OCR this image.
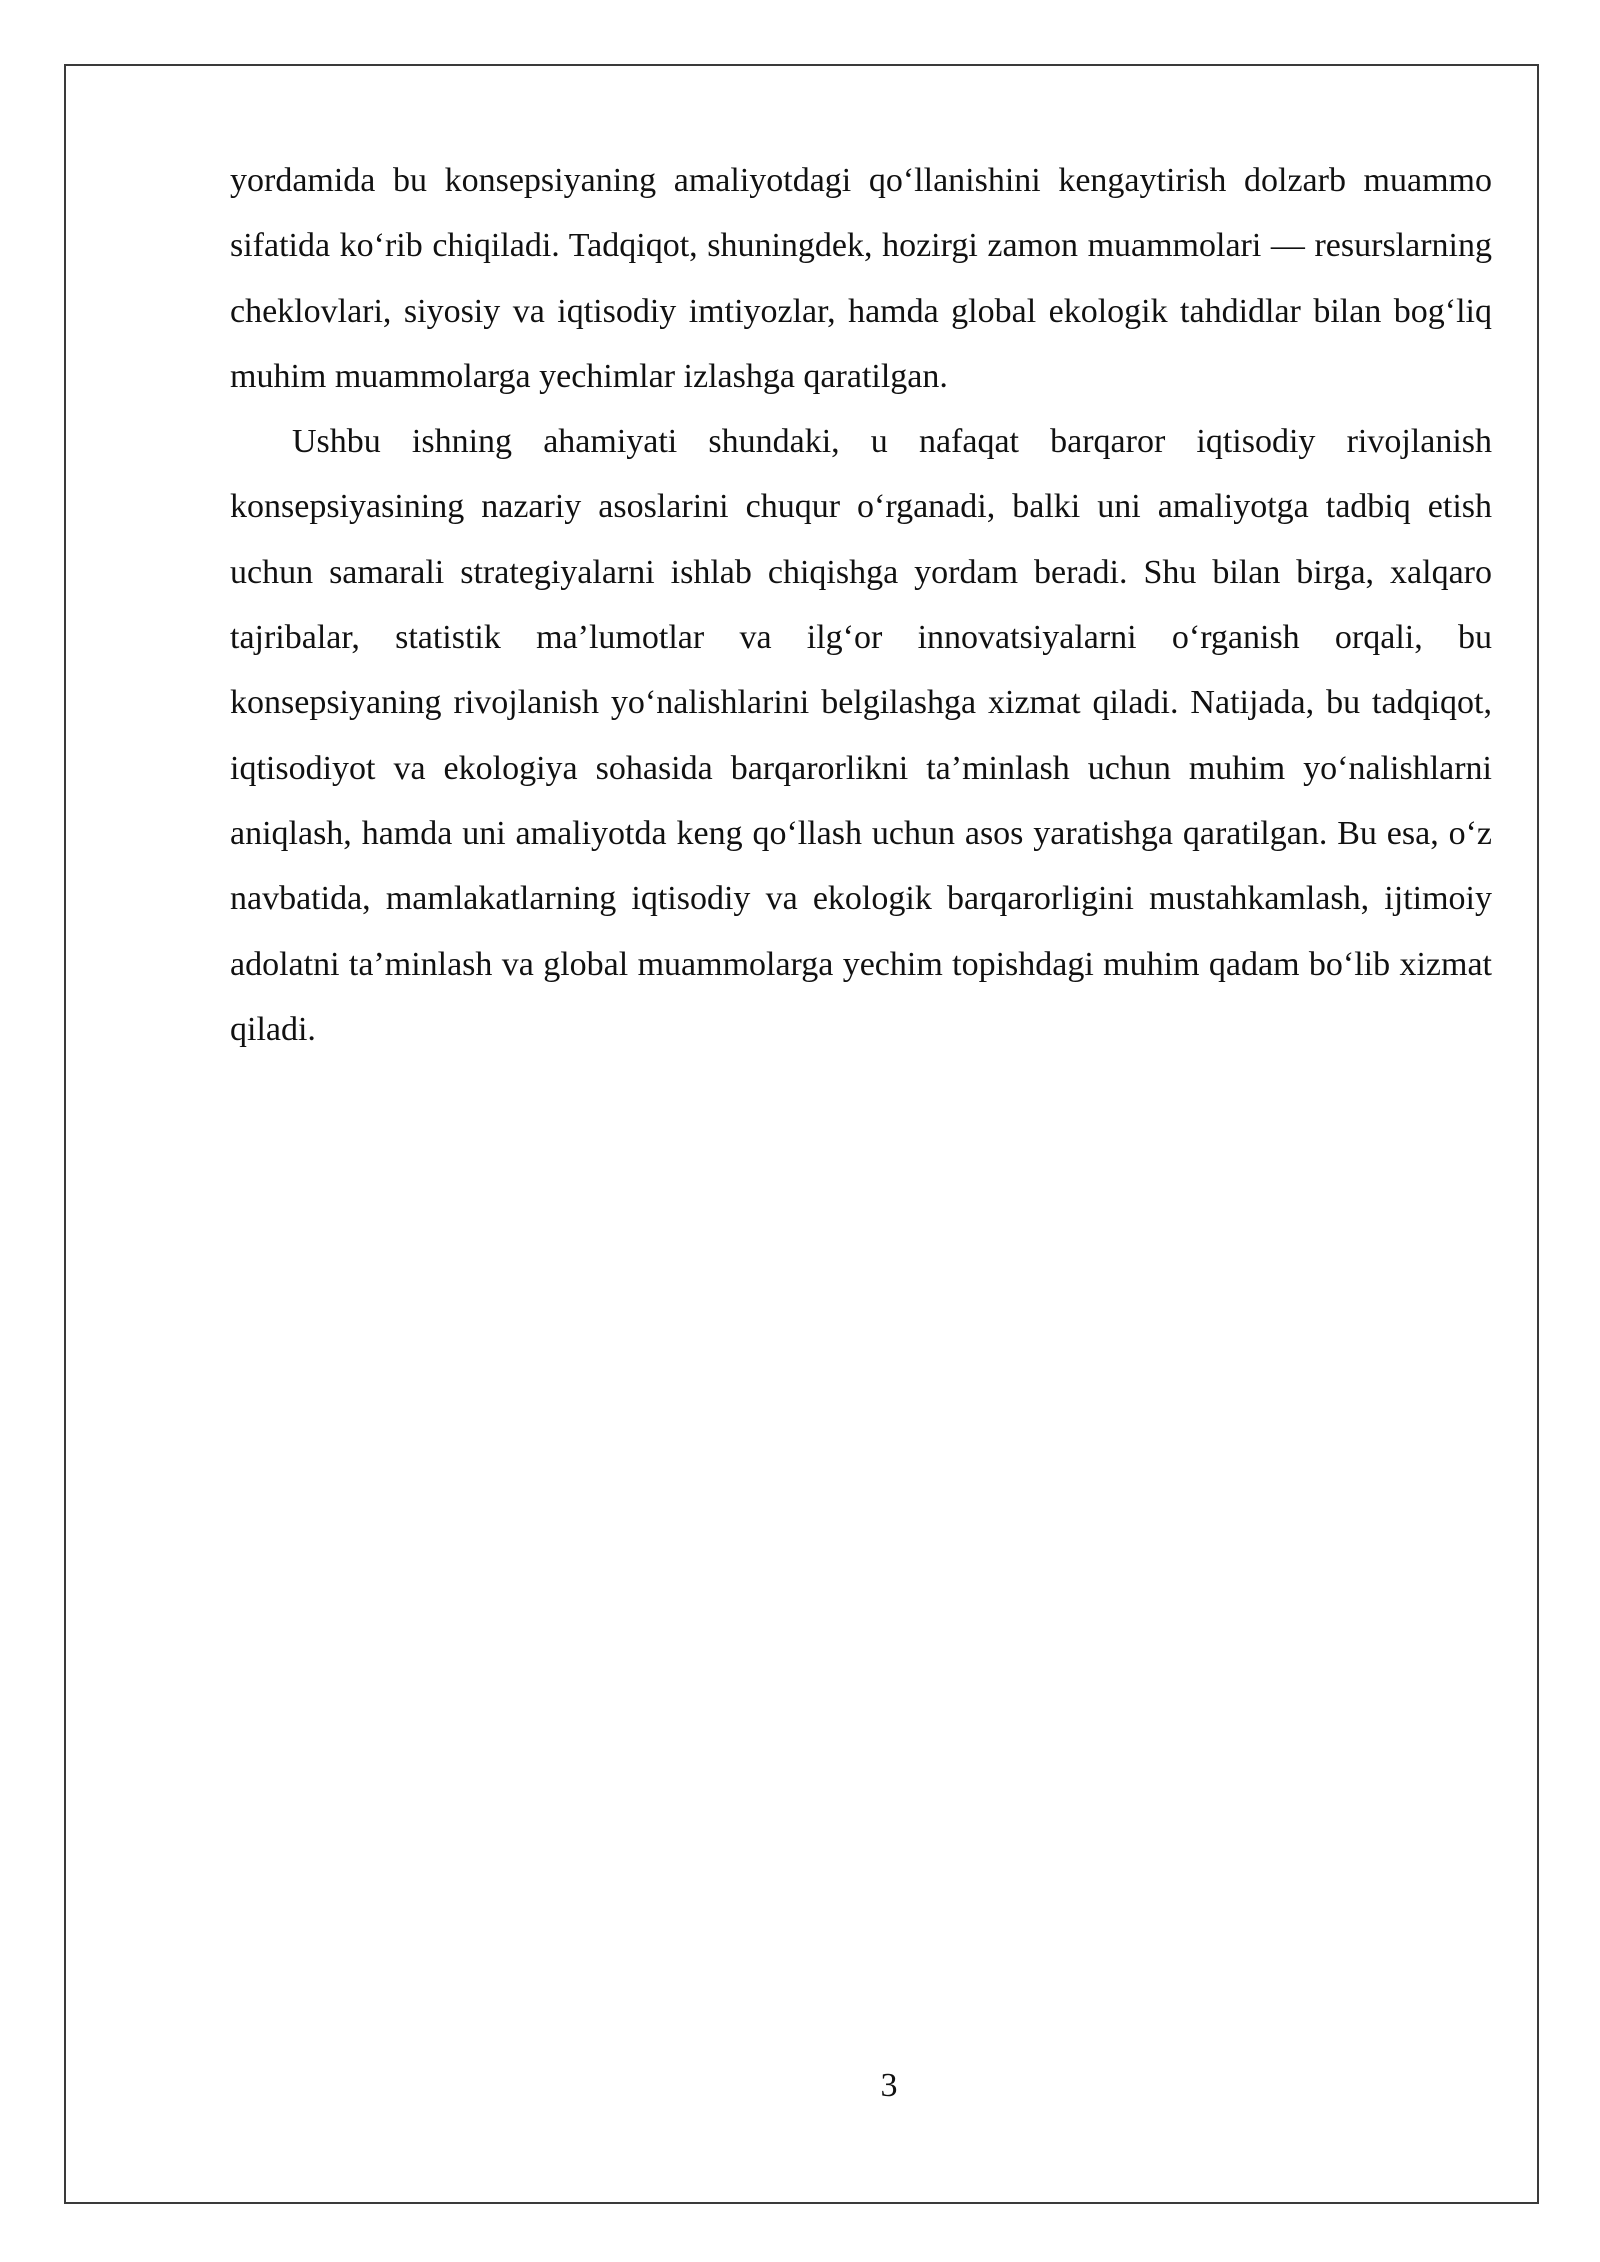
yordamida bu konsepsiyaning amaliyotdagi qo‘llanishini kengaytirish dolzarb muammo sifatida ko‘rib chiqiladi. Tadqiqot, shuningdek, hozirgi zamon muammolari — resurslarning cheklovlari, siyosiy va iqtisodiy imtiyozlar, hamda global ekologik tahdidlar bilan bog‘liq muhim muammolarga yechimlar izlashga qaratilgan.

Ushbu ishning ahamiyati shundaki, u nafaqat barqaror iqtisodiy rivojlanish konsepsiyasining nazariy asoslarini chuqur o‘rganadi, balki uni amaliyotga tadbiq etish uchun samarali strategiyalarni ishlab chiqishga yordam beradi. Shu bilan birga, xalqaro tajribalar, statistik ma’lumotlar va ilg‘or innovatsiyalarni o‘rganish orqali, bu konsepsiyaning rivojlanish yo‘nalishlarini belgilashga xizmat qiladi. Natijada, bu tadqiqot, iqtisodiyot va ekologiya sohasida barqarorlikni ta’minlash uchun muhim yo‘nalishlarni aniqlash, hamda uni amaliyotda keng qo‘llash uchun asos yaratishga qaratilgan. Bu esa, o‘z navbatida, mamlakatlarning iqtisodiy va ekologik barqarorligini mustahkamlash, ijtimoiy adolatni ta’minlash va global muammolarga yechim topishdagi muhim qadam bo‘lib xizmat qiladi.

3
